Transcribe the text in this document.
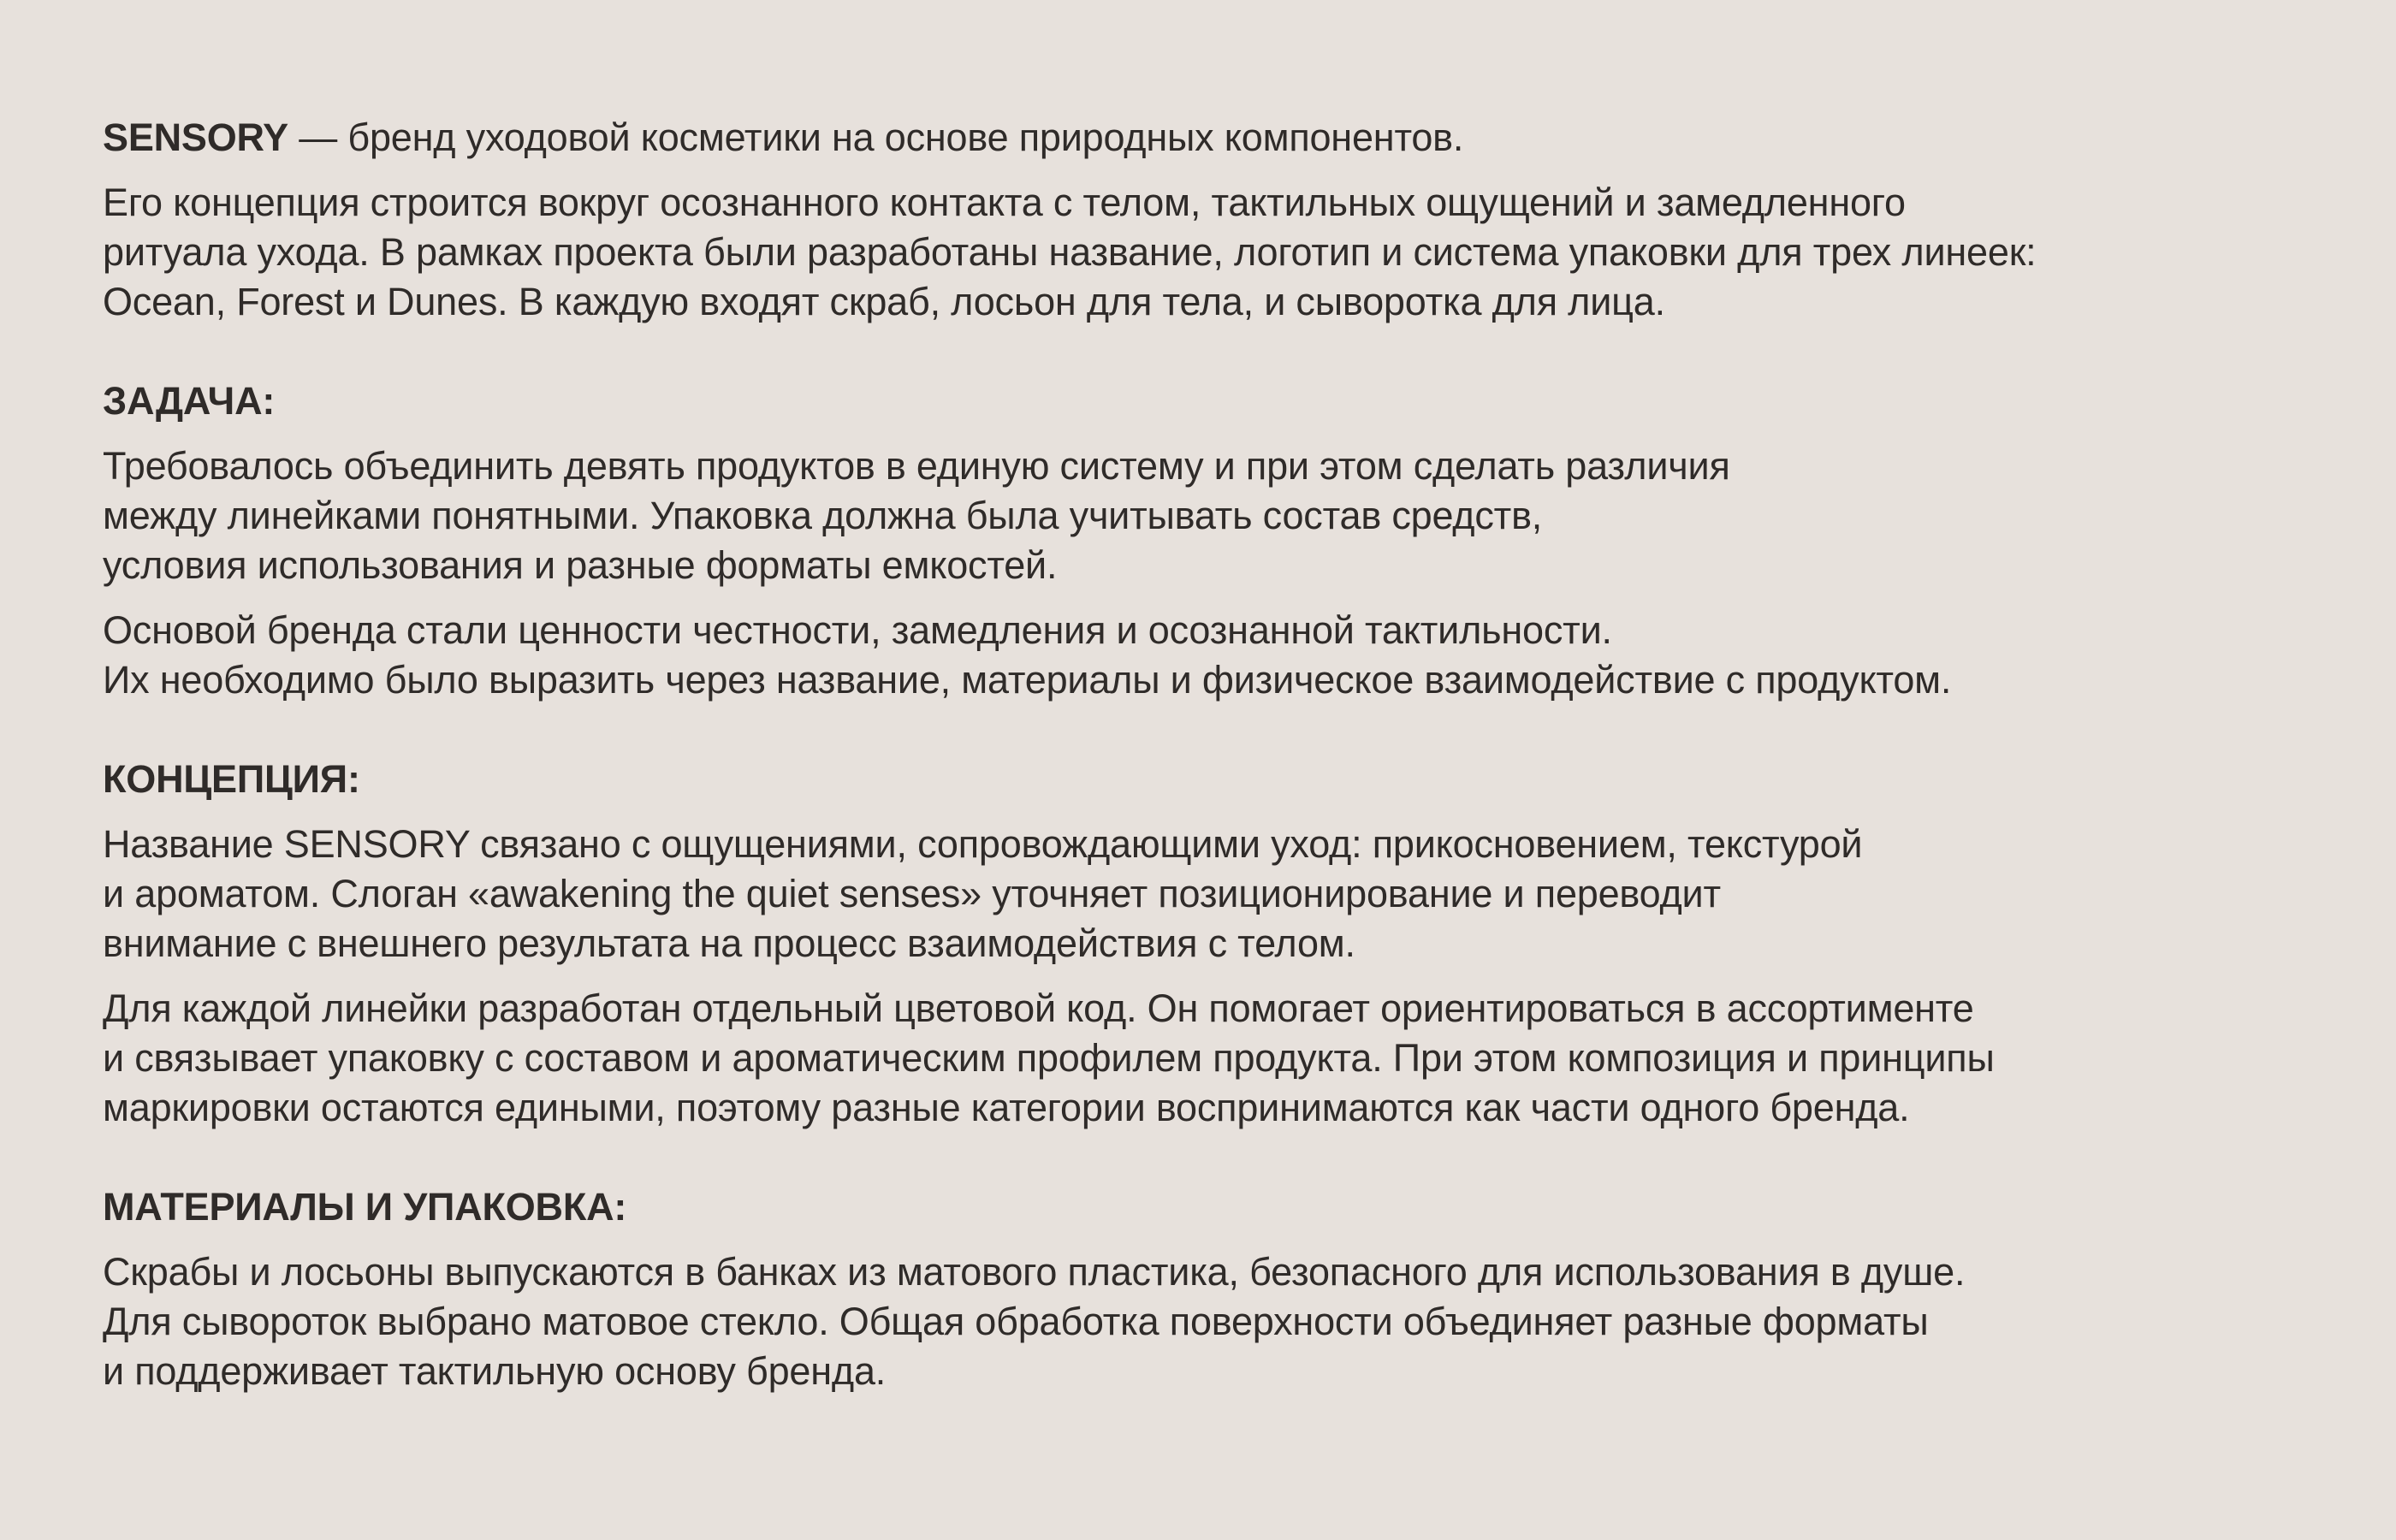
SENSORY — бренд уходовой косметики на основе природных компонентов.

Его концепция строится вокруг осознанного контакта с телом, тактильных ощущений и замедленного
ритуала ухода. В рамках проекта были разработаны название, логотип и система упаковки для трех линеек:
Ocean, Forest и Dunes. В каждую входят скраб, лосьон для тела, и сыворотка для лица.

ЗАДАЧА:

Требовалось объединить девять продуктов в единую систему и при этом сделать различия
между линейками понятными. Упаковка должна была учитывать состав средств,
условия использования и разные форматы емкостей.

Основой бренда стали ценности честности, замедления и осознанной тактильности.
Их необходимо было выразить через название, материалы и физическое взаимодействие с продуктом.

КОНЦЕПЦИЯ:

Название SENSORY связано с ощущениями, сопровождающими уход: прикосновением, текстурой
и ароматом. Слоган «awakening the quiet senses» уточняет позиционирование и переводит
внимание с внешнего результата на процесс взаимодействия с телом.

Для каждой линейки разработан отдельный цветовой код. Он помогает ориентироваться в ассортименте
и связывает упаковку с составом и ароматическим профилем продукта. При этом композиция и принципы
маркировки остаются едиными, поэтому разные категории воспринимаются как части одного бренда.

МАТЕРИАЛЫ И УПАКОВКА:

Скрабы и лосьоны выпускаются в банках из матового пластика, безопасного для использования в душе.
Для сывороток выбрано матовое стекло. Общая обработка поверхности объединяет разные форматы
и поддерживает тактильную основу бренда.
